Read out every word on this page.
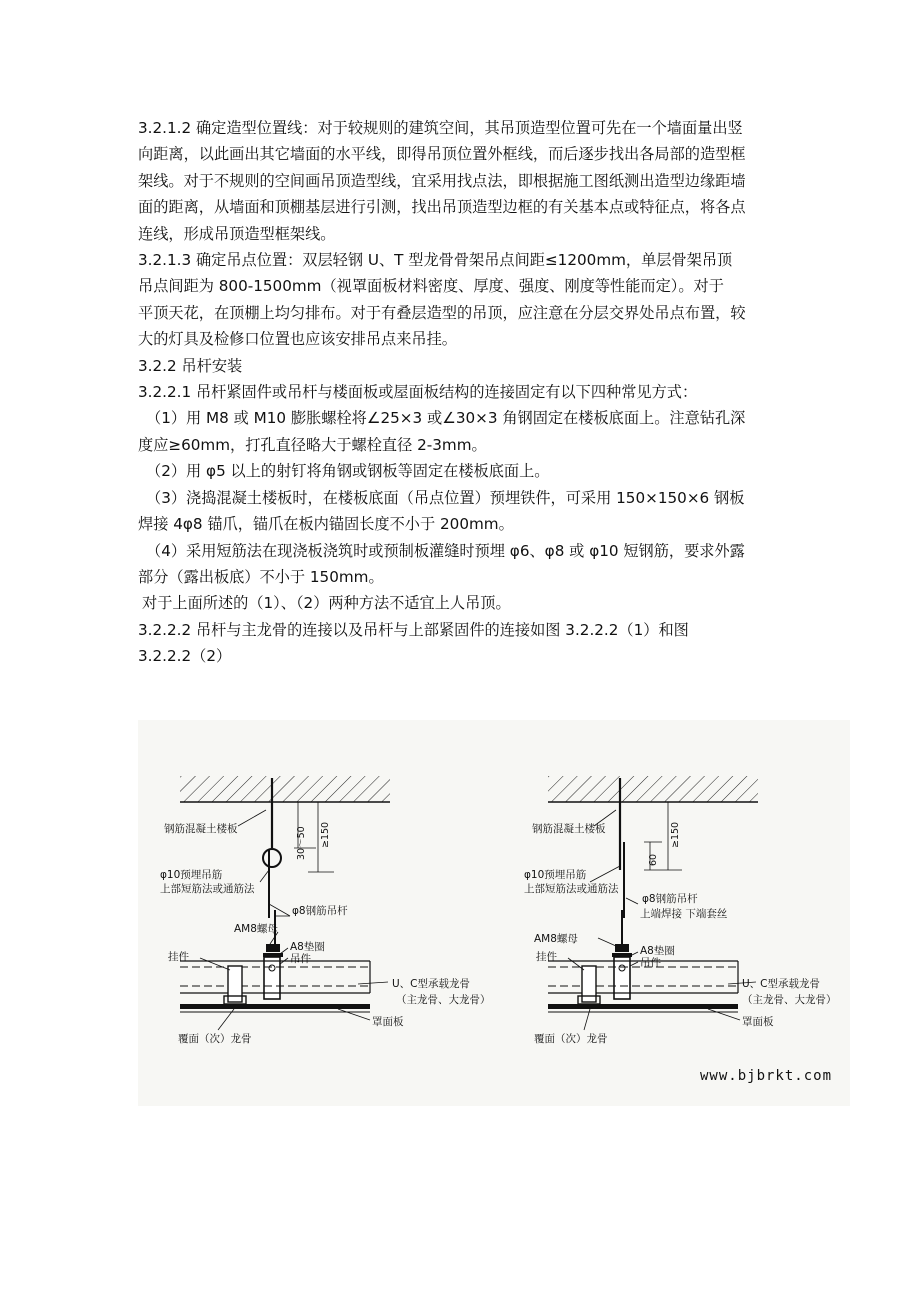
3.2.1.2 确定造型位置线：对于较规则的建筑空间，其吊顶造型位置可先在一个墙面量出竖

向距离，以此画出其它墙面的水平线，即得吊顶位置外框线，而后逐步找出各局部的造型框

架线。对于不规则的空间画吊顶造型线，宜采用找点法，即根据施工图纸测出造型边缘距墙

面的距离，从墙面和顶棚基层进行引测，找出吊顶造型边框的有关基本点或特征点，将各点

连线，形成吊顶造型框架线。

3.2.1.3 确定吊点位置：双层轻钢 U、T 型龙骨骨架吊点间距≤1200mm，单层骨架吊顶

吊点间距为 800-1500mm（视罩面板材料密度、厚度、强度、刚度等性能而定）。对于

平顶天花，在顶棚上均匀排布。对于有叠层造型的吊顶，应注意在分层交界处吊点布置，较

大的灯具及检修口位置也应该安排吊点来吊挂。

3.2.2 吊杆安装

3.2.2.1 吊杆紧固件或吊杆与楼面板或屋面板结构的连接固定有以下四种常见方式：

（1）用 M8 或 M10 膨胀螺栓将∠25×3 或∠30×3 角钢固定在楼板底面上。注意钻孔深

度应≥60mm，打孔直径略大于螺栓直径 2-3mm。

（2）用 φ5 以上的射钉将角钢或钢板等固定在楼板底面上。

（3）浇捣混凝土楼板时，在楼板底面（吊点位置）预埋铁件，可采用 150×150×6 钢板

焊接 4φ8 锚爪，锚爪在板内锚固长度不小于 200mm。

（4）采用短筋法在现浇板浇筑时或预制板灌缝时预埋 φ6、φ8 或 φ10 短钢筋，要求外露

部分（露出板底）不小于 150mm。

对于上面所述的（1）、（2）两种方法不适宜上人吊顶。

3.2.2.2 吊杆与主龙骨的连接以及吊杆与上部紧固件的连接如图 3.2.2.2（1）和图

3.2.2.2（2）

30～50 ≥150
钢筋混凝土楼板
φ10预埋吊筋
上部短筋法或通筋法
φ8钢筋吊杆
AM8螺母
A8垫圈
吊件
挂件
U、C型承载龙骨
（主龙骨、大龙骨）
罩面板
覆面（次）龙骨
60
≥150
钢筋混凝土楼板
φ10预埋吊筋
上部短筋法或通筋法
φ8钢筋吊杆
上端焊接 下端套丝
AM8螺母
A8垫圈
吊件
挂件
U、C型承载龙骨
（主龙骨、大龙骨）
罩面板
覆面（次）龙骨
www.bjbrkt.com
